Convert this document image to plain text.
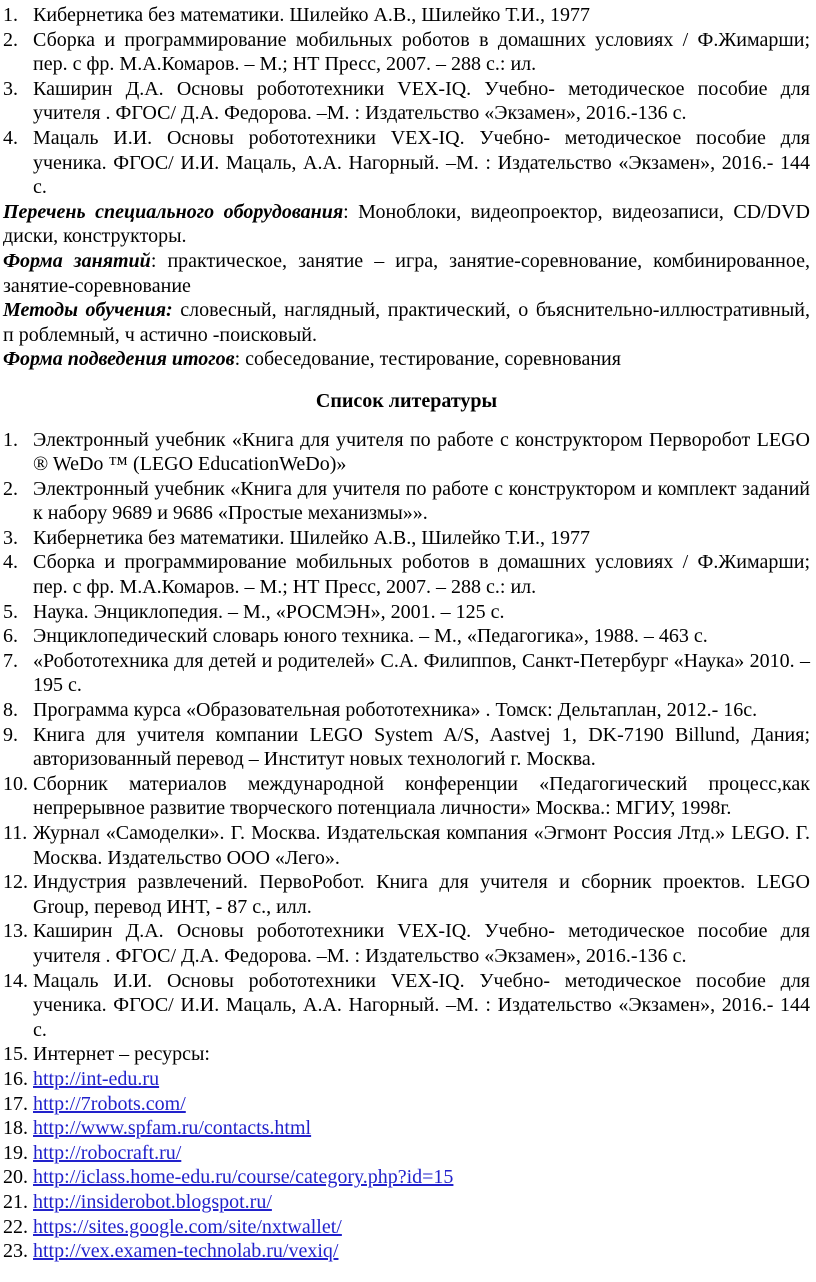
1. Кибернетика без математики. Шилейко А.В., Шилейко Т.И., 1977
2. Сборка и программирование мобильных роботов в домашних условиях / Ф.Жимарши; пер. с фр. М.А.Комаров. – М.; НТ Пресс, 2007. – 288 с.: ил.
3. Каширин Д.А. Основы робототехники VEX-IQ. Учебно- методическое пособие для учителя . ФГОС/ Д.А. Федорова. –М. : Издательство «Экзамен», 2016.-136 с.
4. Мацаль И.И. Основы робототехники VEX-IQ. Учебно- методическое пособие для ученика. ФГОС/ И.И. Мацаль, А.А. Нагорный. –М. : Издательство «Экзамен», 2016.- 144 с.

Перечень специального оборудования: Моноблоки, видеопроектор, видеозаписи, CD/DVD диски, конструкторы.

Форма занятий: практическое, занятие – игра, занятие-соревнование, комбинированное, занятие-соревнование

Методы обучения: словесный, наглядный, практический, о бъяснительно-иллюстративный, п роблемный, ч астично -поисковый.

Форма подведения итогов: собеседование, тестирование, соревнования

Список литературы
1. Электронный учебник «Книга для учителя по работе с конструктором Перворобот LEGO ® WeDo ™ (LEGO EducationWeDo)»
2. Электронный учебник «Книга для учителя по работе с конструктором и комплект заданий к набору 9689 и 9686 «Простые механизмы»».
3. Кибернетика без математики. Шилейко А.В., Шилейко Т.И., 1977
4. Сборка и программирование мобильных роботов в домашних условиях / Ф.Жимарши; пер. с фр. М.А.Комаров. – М.; НТ Пресс, 2007. – 288 с.: ил.
5. Наука. Энциклопедия. – М., «РОСМЭН», 2001. – 125 с.
6. Энциклопедический словарь юного техника. – М., «Педагогика», 1988. – 463 с.
7. «Робототехника для детей и родителей» С.А. Филиппов, Санкт-Петербург «Наука» 2010. – 195 с.
8. Программа курса «Образовательная робототехника» . Томск: Дельтаплан, 2012.- 16с.
9. Книга для учителя компании LEGO System A/S, Aastvej 1, DK-7190 Billund, Дания; авторизованный перевод – Институт новых технологий г. Москва.
10. Сборник материалов международной конференции «Педагогический процесс,как непрерывное развитие творческого потенциала личности» Москва.: МГИУ, 1998г.
11. Журнал «Самоделки». Г. Москва. Издательская компания «Эгмонт Россия Лтд.» LEGO. Г. Москва. Издательство ООО «Лего».
12. Индустрия развлечений. ПервоРобот. Книга для учителя и сборник проектов. LEGO Group, перевод ИНТ, - 87 с., илл.
13. Каширин Д.А. Основы робототехники VEX-IQ. Учебно- методическое пособие для учителя . ФГОС/ Д.А. Федорова. –М. : Издательство «Экзамен», 2016.-136 с.
14. Мацаль И.И. Основы робототехники VEX-IQ. Учебно- методическое пособие для ученика. ФГОС/ И.И. Мацаль, А.А. Нагорный. –М. : Издательство «Экзамен», 2016.- 144 с.
15. Интернет – ресурсы:
16. http://int-edu.ru
17. http://7robots.com/
18. http://www.spfam.ru/contacts.html
19. http://robocraft.ru/
20. http://iclass.home-edu.ru/course/category.php?id=15
21. http://insiderobot.blogspot.ru/
22. https://sites.google.com/site/nxtwallet/
23. http://vex.examen-technolab.ru/vexiq/
